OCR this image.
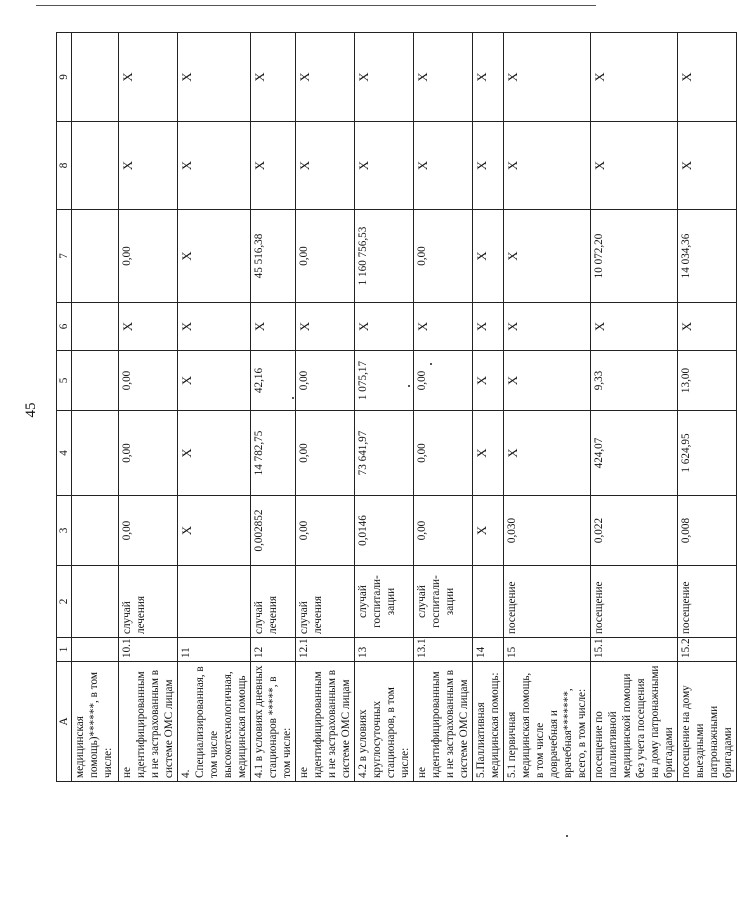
45
А	1	2	3	4	5	6	7	8	9
медицинская помощь)******, в том числе:									
не идентифицированным и не застрахованным в системе ОМС лицам	10.1	случай лечения	0,00	0,00	0,00	X	0,00	X	X
4. Специализированная, в том числе высокотехнологичная, медицинская помощь	11		X	X	X	X	X	X	X
4.1 в условиях дневных стационаров *****, в том числе:	12	случай лечения	0,002852	14 782,75	42,16	X	45 516,38	X	X
не идентифицированным и не застрахованным в системе ОМС лицам	12.1	случай лечения	0,00	0,00	0,00	X	0,00	X	X
4.2 в условиях круглосуточных стационаров, в том числе:	13	случай госпитали-зации	0,0146	73 641,97	1 075,17	X	1 160 756,53	X	X
не идентифицированным и не застрахованным в системе ОМС лицам	13.1	случай госпитали-зации	0,00	0,00	0,00	X	0,00	X	X
5.Паллиативная медицинская помощь:	14		X	X	X	X	X	X	X
5.1 первичная медицинская помощь, в том числе доврачебная и врачебная*******, всего, в том числе:	15	посещение	0,030	X	X	X	X	X	X
посещение по паллиативной медицинской помощи без учета посещения на дому патронажными бригадами	15.1	посещение	0,022	424,07	9,33	X	10 072,20	X	X
посещение на дому выездными патронажными бригадами	15.2	посещение	0,008	1 624,95	13,00	X	14 034,36	X	X
